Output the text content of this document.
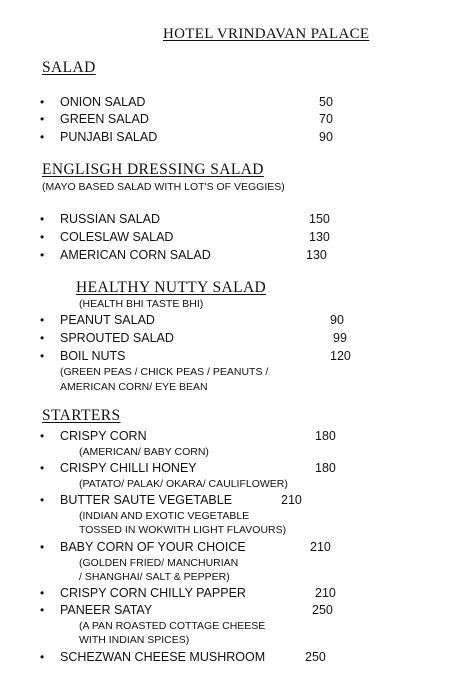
HOTEL VRINDAVAN PALACE
SALAD
• ONION SALAD	50
• GREEN SALAD	70
• PUNJABI SALAD	90
ENGLISGH DRESSING SALAD
(MAYO BASED SALAD WITH LOT'S OF VEGGIES)
• RUSSIAN SALAD	150
• COLESLAW SALAD	130
• AMERICAN CORN SALAD	130
HEALTHY NUTTY SALAD
(HEALTH BHI TASTE BHI)
• PEANUT SALAD	90
• SPROUTED SALAD	99
• BOIL NUTS	120
(GREEN PEAS / CHICK PEAS / PEANUTS /
AMERICAN CORN/ EYE BEAN
STARTERS
• CRISPY CORN	180
(AMERICAN/ BABY CORN)
• CRISPY CHILLI HONEY	180
(PATATO/ PALAK/ OKARA/ CAULIFLOWER)
• BUTTER SAUTE VEGETABLE	210
(INDIAN AND EXOTIC VEGETABLE
TOSSED IN WOKWITH LIGHT FLAVOURS)
• BABY CORN OF YOUR CHOICE	210
(GOLDEN FRIED/ MANCHURIAN
/ SHANGHAI/ SALT & PEPPER)
• CRISPY CORN CHILLY PAPPER	210
• PANEER SATAY	250
(A PAN ROASTED COTTAGE CHEESE
WITH INDIAN SPICES)
• SCHEZWAN CHEESE MUSHROOM	250
